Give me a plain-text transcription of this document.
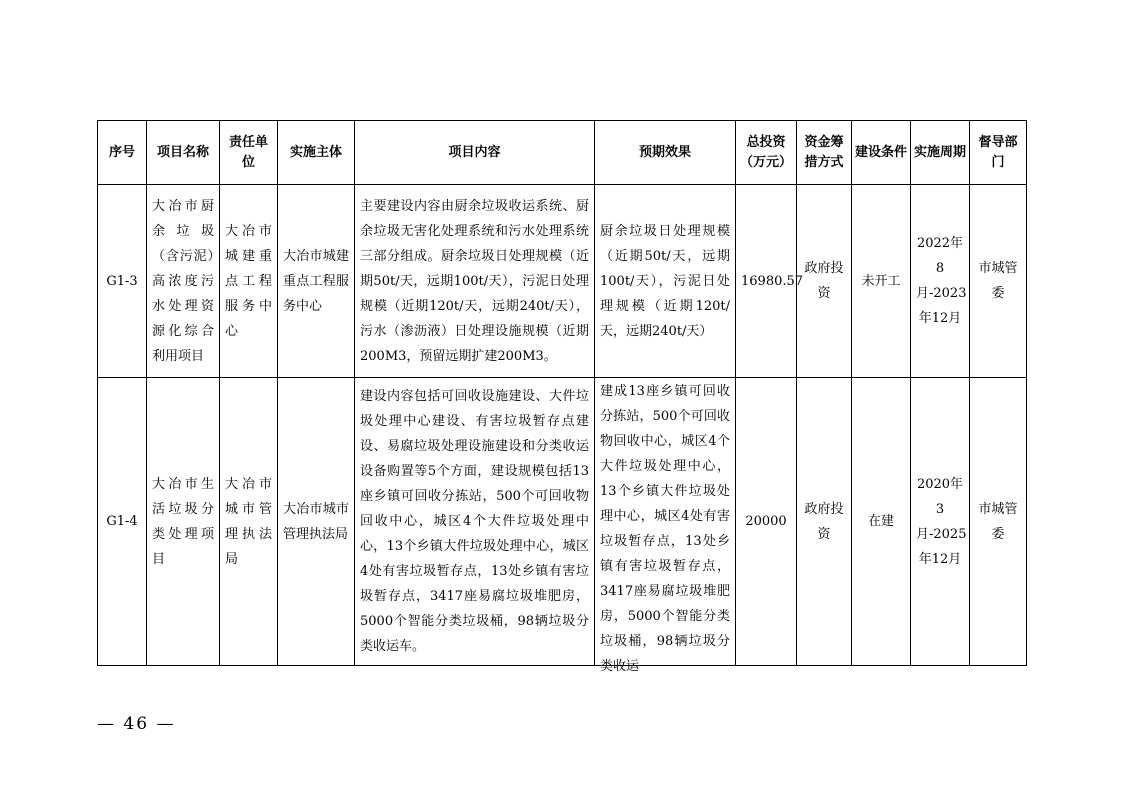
序号	项目名称	责任单位	实施主体	项目内容	预期效果	总投资（万元）	资金筹措方式	建设条件	实施周期	督导部门
G1-3	大冶市厨余垃圾（含污泥）高浓度污水处理资源化综合利用项目	大冶市城建重点工程服务中心	大冶市城建重点工程服务中心	主要建设内容由厨余垃圾收运系统、厨余垃圾无害化处理系统和污水处理系统三部分组成。厨余垃圾日处理规模（近期50t/天，远期100t/天），污泥日处理规模（近期120t/天，远期240t/天），污水（渗沥液）日处理设施规模（近期200M3，预留远期扩建200M3。	厨余垃圾日处理规模（近期50t/天，远期100t/天），污泥日处理规模（近期120t/天，远期240t/天）	16980.57	政府投资	未开工	2022年8月-2023年12月	市城管委
G1-4	大冶市生活垃圾分类处理项目	大冶市城市管理执法局	大冶市城市管理执法局	建设内容包括可回收设施建设、大件垃圾处理中心建设、有害垃圾暂存点建设、易腐垃圾处理设施建设和分类收运设备购置等5个方面，建设规模包括13座乡镇可回收分拣站，500个可回收物回收中心，城区4个大件垃圾处理中心，13个乡镇大件垃圾处理中心，城区4处有害垃圾暂存点，13处乡镇有害垃圾暂存点，3417座易腐垃圾堆肥房，5000个智能分类垃圾桶，98辆垃圾分类收运车。	建成13座乡镇可回收分拣站，500个可回收物回收中心，城区4个大件垃圾处理中心，13个乡镇大件垃圾处理中心，城区4处有害垃圾暂存点，13处乡镇有害垃圾暂存点，3417座易腐垃圾堆肥房，5000个智能分类垃圾桶，98辆垃圾分类收运	20000	政府投资	在建	2020年3月-2025年12月	市城管委
— 46 —
